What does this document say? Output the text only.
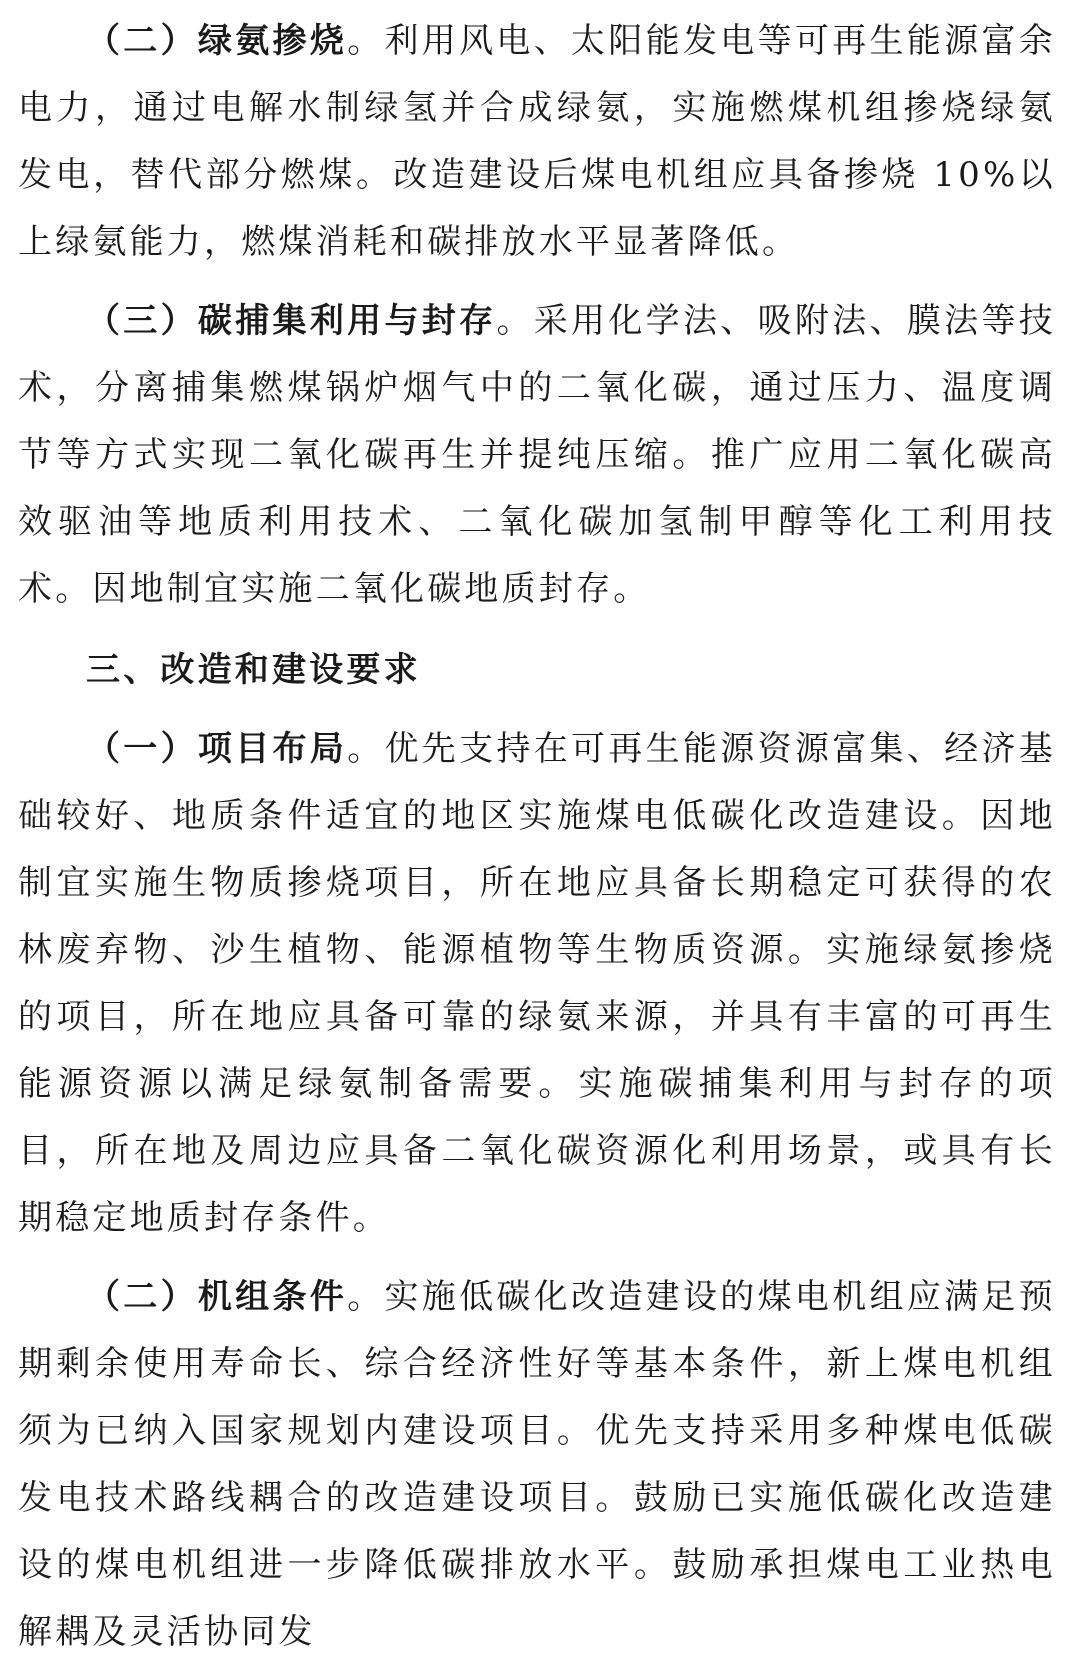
（二）绿氨掺烧。利用风电、太阳能发电等可再生能源富余电力，通过电解水制绿氢并合成绿氨，实施燃煤机组掺烧绿氨发电，替代部分燃煤。改造建设后煤电机组应具备掺烧 10%以上绿氨能力，燃煤消耗和碳排放水平显著降低。

（三）碳捕集利用与封存。采用化学法、吸附法、膜法等技术，分离捕集燃煤锅炉烟气中的二氧化碳，通过压力、温度调节等方式实现二氧化碳再生并提纯压缩。推广应用二氧化碳高效驱油等地质利用技术、二氧化碳加氢制甲醇等化工利用技术。因地制宜实施二氧化碳地质封存。

三、改造和建设要求

（一）项目布局。优先支持在可再生能源资源富集、经济基础较好、地质条件适宜的地区实施煤电低碳化改造建设。因地制宜实施生物质掺烧项目，所在地应具备长期稳定可获得的农林废弃物、沙生植物、能源植物等生物质资源。实施绿氨掺烧的项目，所在地应具备可靠的绿氨来源，并具有丰富的可再生能源资源以满足绿氨制备需要。实施碳捕集利用与封存的项目，所在地及周边应具备二氧化碳资源化利用场景，或具有长期稳定地质封存条件。

（二）机组条件。实施低碳化改造建设的煤电机组应满足预期剩余使用寿命长、综合经济性好等基本条件，新上煤电机组须为已纳入国家规划内建设项目。优先支持采用多种煤电低碳发电技术路线耦合的改造建设项目。鼓励已实施低碳化改造建设的煤电机组进一步降低碳排放水平。鼓励承担煤电工业热电解耦及灵活协同发
